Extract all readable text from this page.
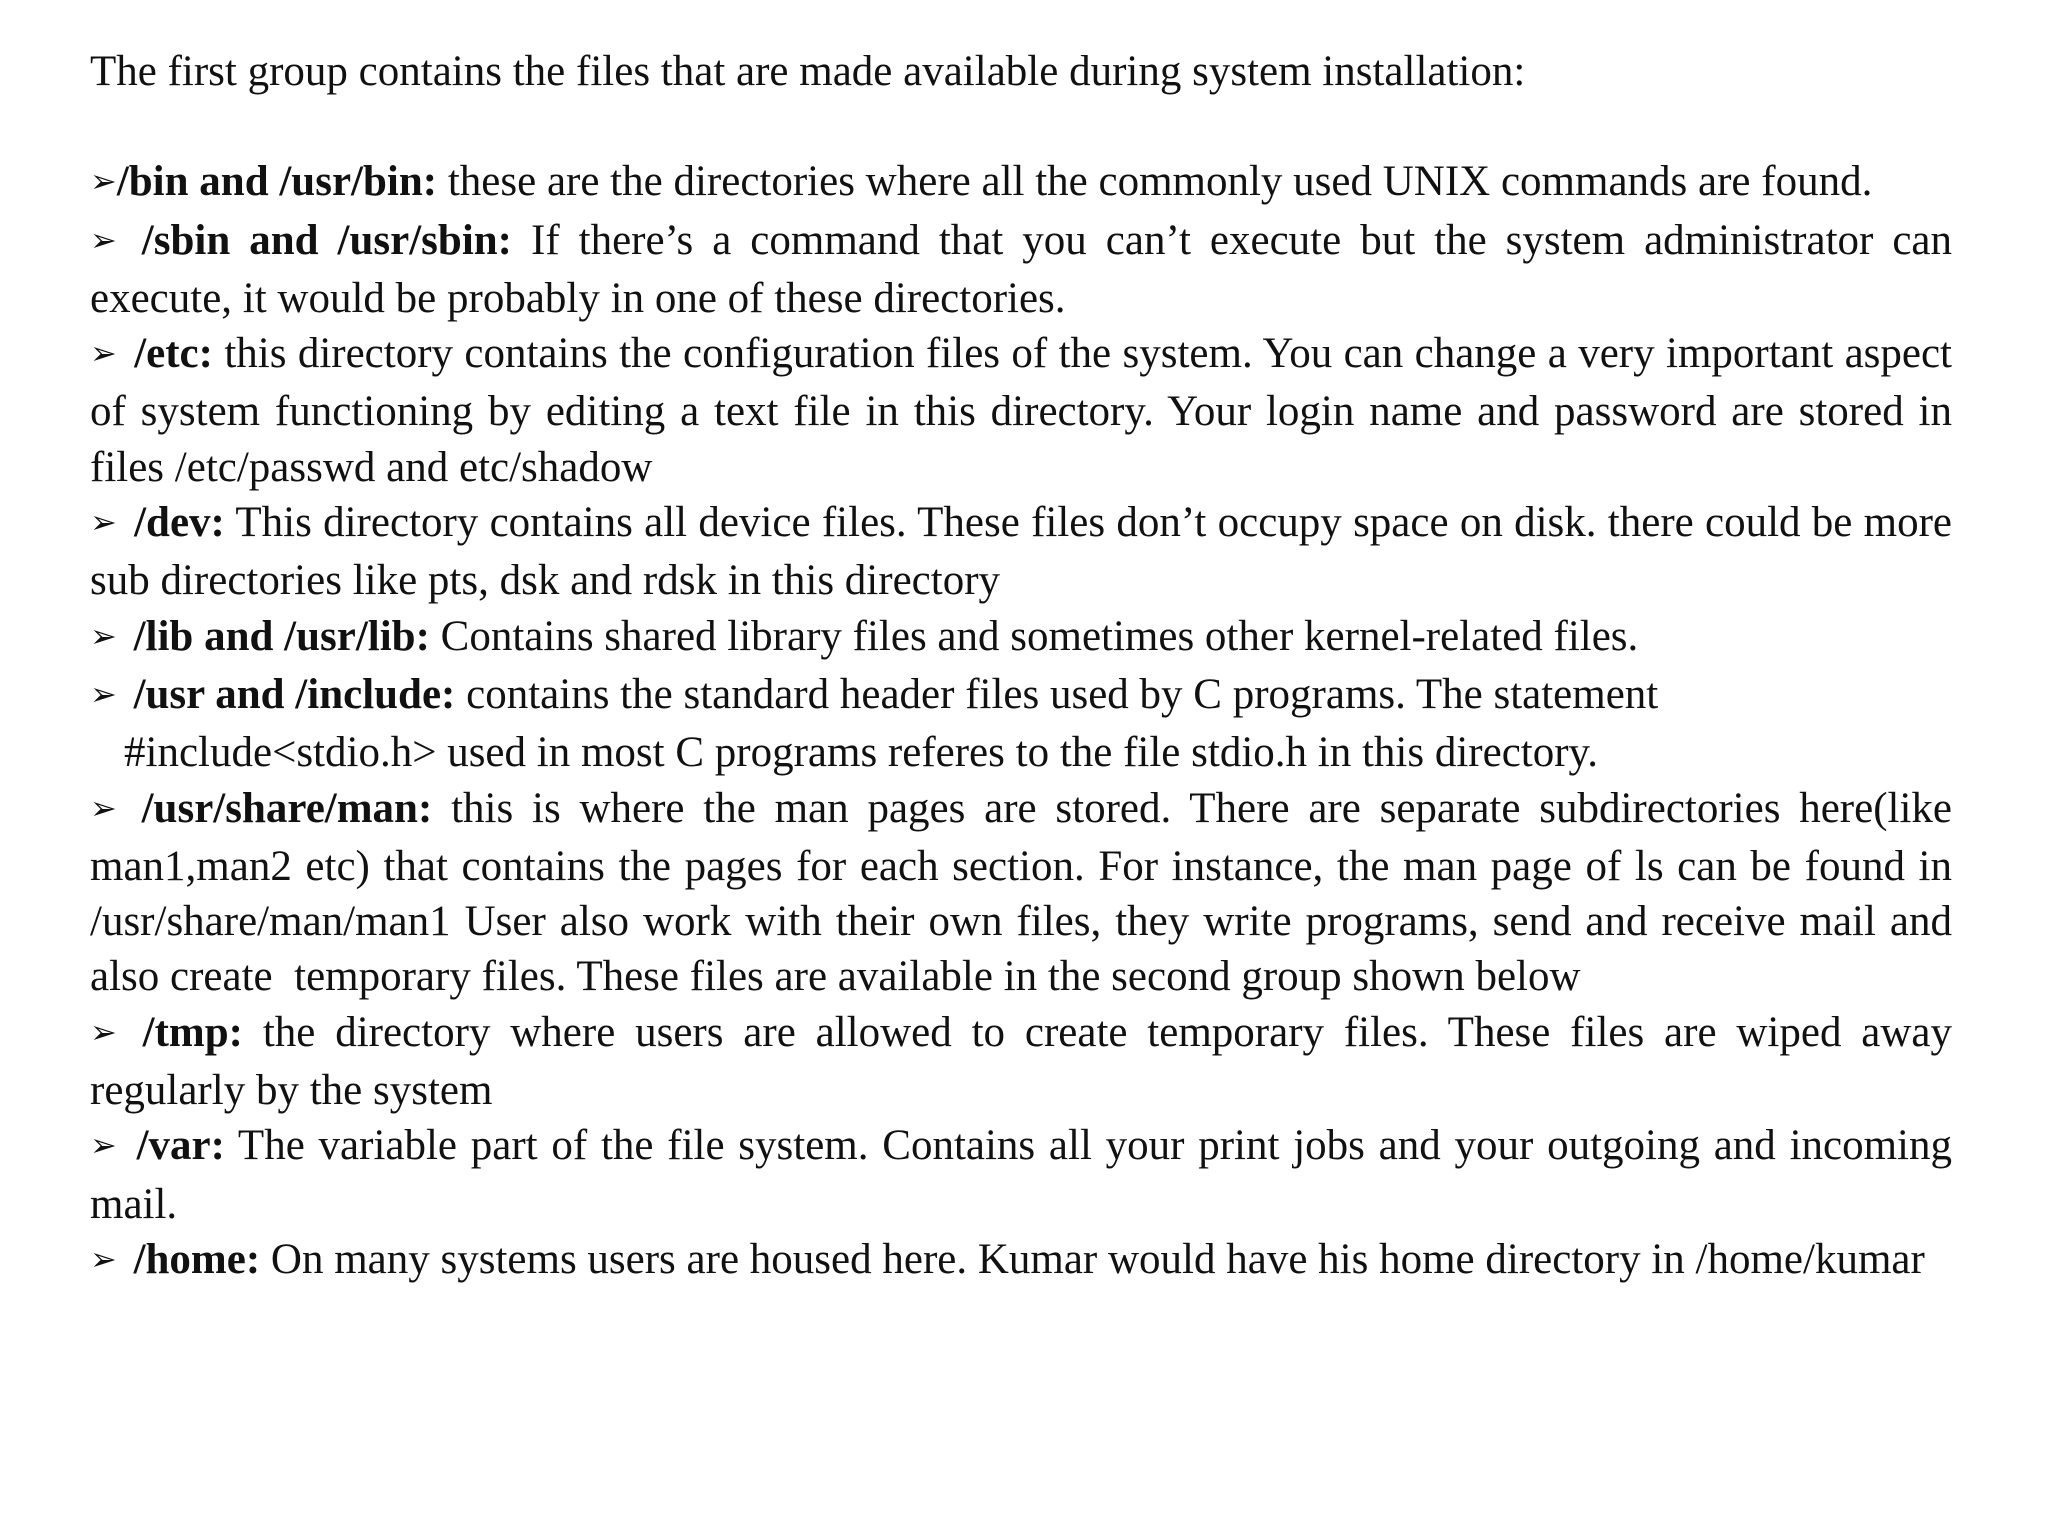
The first group contains the files that are made available during system installation:

➢/bin and /usr/bin: these are the directories where all the commonly used UNIX commands are found.

➢ /sbin and /usr/sbin: If there’s a command that you can’t execute but the system administrator can execute, it would be probably in one of these directories.

➢ /etc: this directory contains the configuration files of the system. You can change a very important aspect of system functioning by editing a text file in this directory. Your login name and password are stored in files /etc/passwd and etc/shadow

➢ /dev: This directory contains all device files. These files don’t occupy space on disk. there could be more sub directories like pts, dsk and rdsk in this directory

➢ /lib and /usr/lib: Contains shared library files and sometimes other kernel-related files.

➢ /usr and /include: contains the standard header files used by C programs. The statement
#include<stdio.h> used in most C programs referes to the file stdio.h in this directory.

➢ /usr/share/man: this is where the man pages are stored. There are separate subdirectories here(like man1,man2 etc) that contains the pages for each section. For instance, the man page of ls can be found in /usr/share/man/man1 User also work with their own files, they write programs, send and receive mail and also create  temporary files. These files are available in the second group shown below

➢ /tmp: the directory where users are allowed to create temporary files. These files are wiped away regularly by the system

➢ /var: The variable part of the file system. Contains all your print jobs and your outgoing and incoming mail.

➢ /home: On many systems users are housed here. Kumar would have his home directory in /home/kumar
